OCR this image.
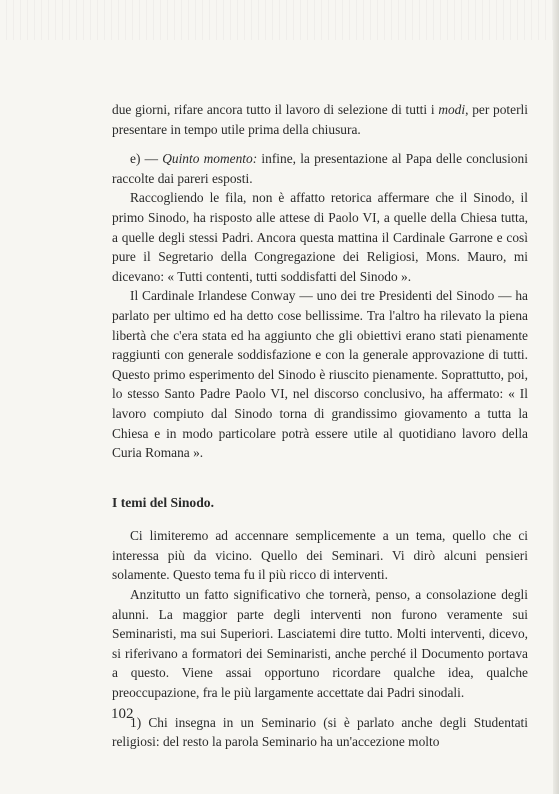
due giorni, rifare ancora tutto il lavoro di selezione di tutti i modi, per poterli presentare in tempo utile prima della chiusura.

e) — Quinto momento: infine, la presentazione al Papa delle conclusioni raccolte dai pareri esposti.

Raccogliendo le fila, non è affatto retorica affermare che il Sinodo, il primo Sinodo, ha risposto alle attese di Paolo VI, a quelle della Chiesa tutta, a quelle degli stessi Padri. Ancora questa mattina il Cardinale Garrone e così pure il Segretario della Congregazione dei Religiosi, Mons. Mauro, mi dicevano: « Tutti contenti, tutti soddisfatti del Sinodo ».

Il Cardinale Irlandese Conway — uno dei tre Presidenti del Sinodo — ha parlato per ultimo ed ha detto cose bellissime. Tra l'altro ha rilevato la piena libertà che c'era stata ed ha aggiunto che gli obiettivi erano stati pienamente raggiunti con generale soddisfazione e con la generale approvazione di tutti. Questo primo esperimento del Sinodo è riuscito pienamente. Soprattutto, poi, lo stesso Santo Padre Paolo VI, nel discorso conclusivo, ha affermato: « Il lavoro compiuto dal Sinodo torna di grandissimo giovamento a tutta la Chiesa e in modo particolare potrà essere utile al quotidiano lavoro della Curia Romana ».

I temi del Sinodo.

Ci limiteremo ad accennare semplicemente a un tema, quello che ci interessa più da vicino. Quello dei Seminari. Vi dirò alcuni pensieri solamente. Questo tema fu il più ricco di interventi.

Anzitutto un fatto significativo che tornerà, penso, a consolazione degli alunni. La maggior parte degli interventi non furono veramente sui Seminaristi, ma sui Superiori. Lasciatemi dire tutto. Molti interventi, dicevo, si riferivano a formatori dei Seminaristi, anche perché il Documento portava a questo. Viene assai opportuno ricordare qualche idea, qualche preoccupazione, fra le più largamente accettate dai Padri sinodali.

1) Chi insegna in un Seminario (si è parlato anche degli Studentati religiosi: del resto la parola Seminario ha un'accezione molto

102
